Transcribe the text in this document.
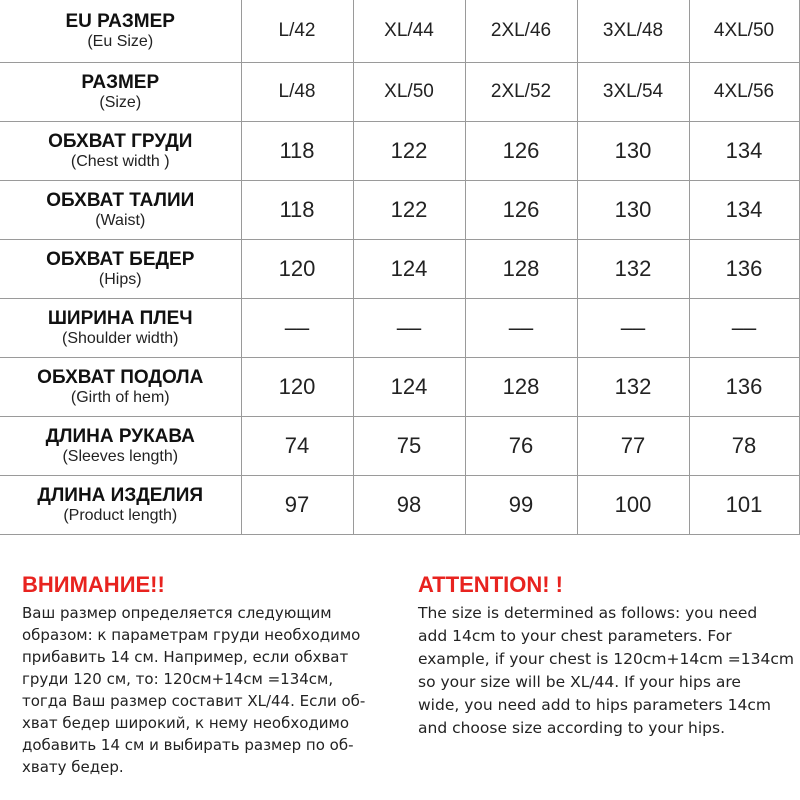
EU РАЗМЕР
(Eu Size)	L/42	XL/44	2XL/46	3XL/48	4XL/50

РАЗМЕР
(Size)	L/48	XL/50	2XL/52	3XL/54	4XL/56

ОБХВАТ ГРУДИ
(Chest width )	118	122	126	130	134

ОБХВАТ ТАЛИИ
(Waist)	118	122	126	130	134

ОБХВАТ БЕДЕР
(Hips)	120	124	128	132	136

ШИРИНА ПЛЕЧ
(Shoulder width)	––	––	––	––	––

ОБХВАТ ПОДОЛА
(Girth of hem)	120	124	128	132	136

ДЛИНА РУКАВА
(Sleeves length)	74	75	76	77	78

ДЛИНА ИЗДЕЛИЯ
(Product length)	97	98	99	100	101
ВНИМАНИЕ!!
Ваш размер определяется следующим
образом: к параметрам груди необходимо
прибавить 14 см. Например, если обхват
груди 120 см, то: 120см+14см =134см,
тогда Ваш размер составит XL/44. Если об-
хват бедер широкий, к нему необходимо
добавить 14 см и выбирать размер по об-
хвату бедер.
ATTENTION! !
The size is determined as follows: you need
add 14cm to your chest parameters. For
example, if your chest is 120cm+14cm =134cm
so your size will be XL/44. If your hips are
wide, you need add to hips parameters 14cm
and choose size according to your hips.
